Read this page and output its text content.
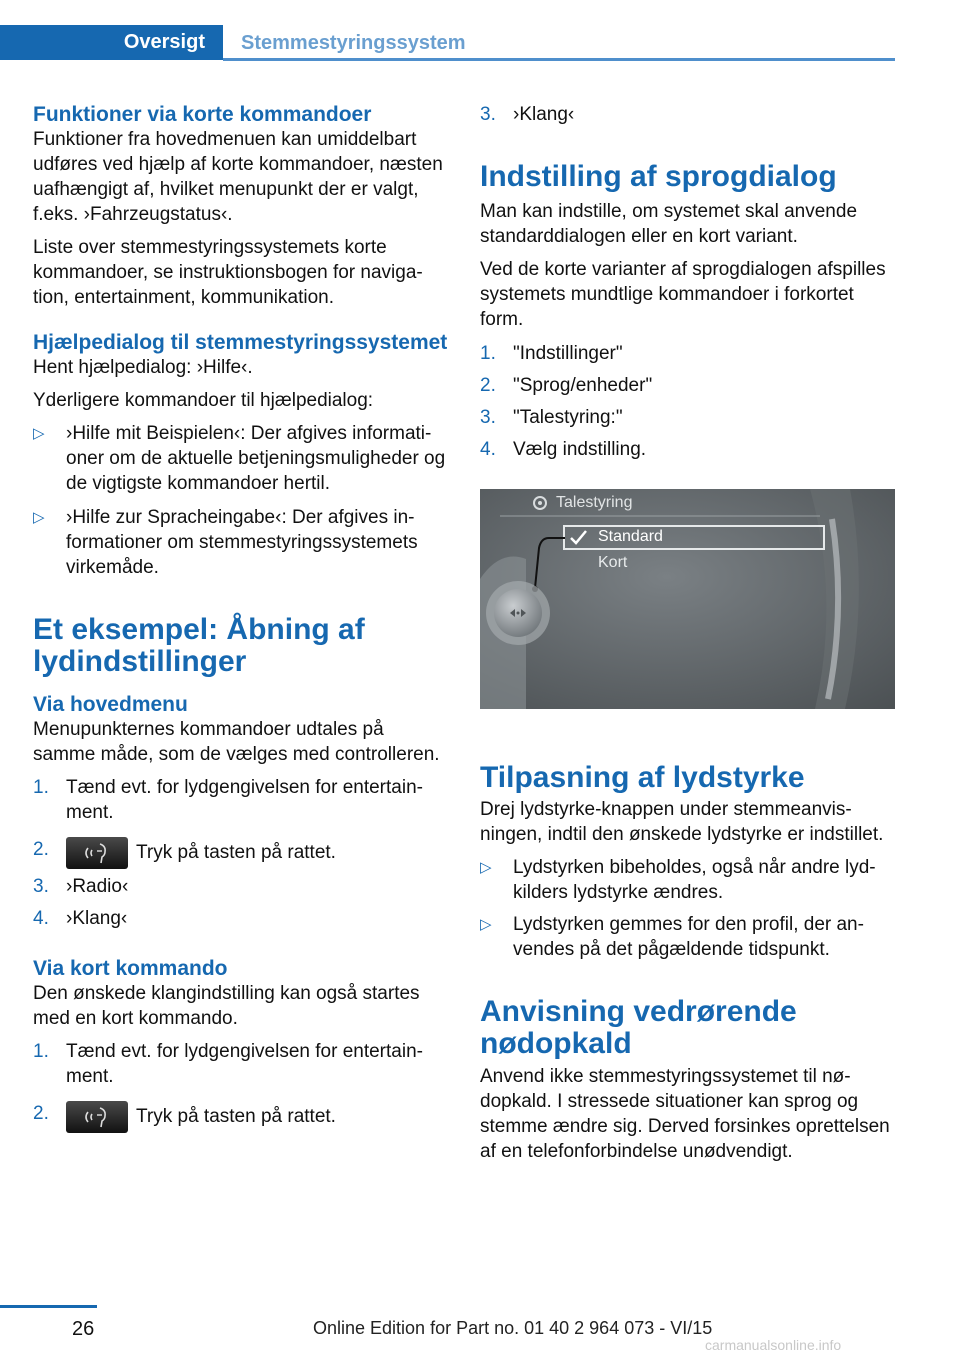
Oversigt	Stemmestyringssystem
Funktioner via korte kommandoer

Funktioner fra hovedmenuen kan umiddelbart udføres ved hjælp af korte kommandoer, næsten uafhængigt af, hvilket menupunkt der er valgt, f.eks. ›Fahrzeugstatus‹.

Liste over stemmestyringssystemets korte kommandoer, se instruktionsbogen for navigation, entertainment, kommunikation.

Hjælpedialog til stemmestyringssystemet

Hent hjælpedialog: ›Hilfe‹.

Yderligere kommandoer til hjælpedialog:

▷	›Hilfe mit Beispielen‹: Der afgives informationer om de aktuelle betjeningsmuligheder og de vigtigste kommandoer hertil.
▷	›Hilfe zur Spracheingabe‹: Der afgives informationer om stemmestyringssystemets virkemåde.
Et eksempel: Åbning af lydindstillinger
Via hovedmenu

Menupunkternes kommandoer udtales på samme måde, som de vælges med controlleren.

1. Tænd evt. for lydgengivelsen for entertainment.
2.	Tryk på tasten på rattet.
3. ›Radio‹
4. ›Klang‹
Via kort kommando

Den ønskede klangindstilling kan også startes med en kort kommando.

1. Tænd evt. for lydgengivelsen for entertainment.
2.	Tryk på tasten på rattet.
3. ›Klang‹
Indstilling af sprogdialog

Man kan indstille, om systemet skal anvende standarddialogen eller en kort variant.

Ved de korte varianter af sprogdialogen afspilles systemets mundtlige kommandoer i forkortet form.

1. "Indstillinger"
2. "Sprog/enheder"
3. "Talestyring:"
4. Vælg indstilling.
Talestyring
Standard
Kort
Tilpasning af lydstyrke

Drej lydstyrke-knappen under stemmeanvisningen, indtil den ønskede lydstyrke er indstillet.

▷	Lydstyrken bibeholdes, også når andre lydkilders lydstyrke ændres.
▷	Lydstyrken gemmes for den profil, der anvendes på det pågældende tidspunkt.
Anvisning vedrørende nødopkald

Anvend ikke stemmestyringssystemet til nødopkald. I stressede situationer kan sprog og stemme ændre sig. Derved forsinkes oprettelsen af en telefonforbindelse unødvendigt.

26	Online Edition for Part no. 01 40 2 964 073 - VI/15
carmanualsonline.info
